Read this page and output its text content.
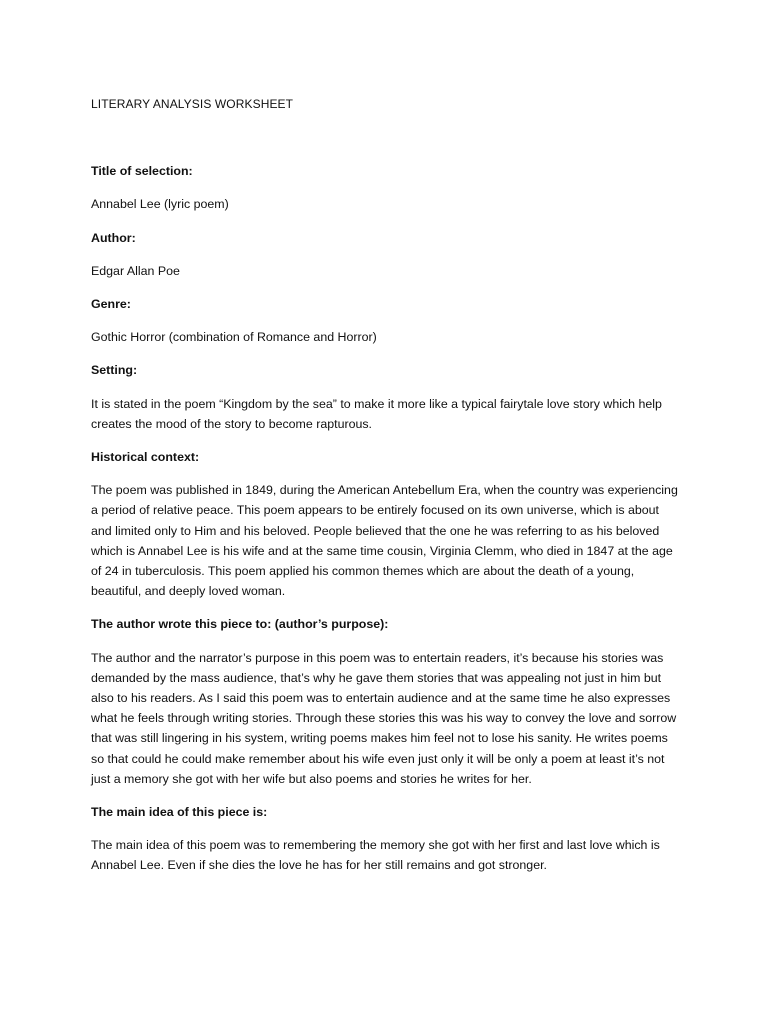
LITERARY ANALYSIS WORKSHEET

Title of selection:

Annabel Lee (lyric poem)

Author:

Edgar Allan Poe

Genre:

Gothic Horror (combination of Romance and Horror)

Setting:

It is stated in the poem “Kingdom by the sea” to make it more like a typical fairytale love story which help creates the mood of the story to become rapturous.

Historical context:

The poem was published in 1849, during the American Antebellum Era, when the country was experiencing a period of relative peace. This poem appears to be entirely focused on its own universe, which is about and limited only to Him and his beloved. People believed that the one he was referring to as his beloved which is Annabel Lee is his wife and at the same time cousin, Virginia Clemm, who died in 1847 at the age of 24 in tuberculosis. This poem applied his common themes which are about the death of a young, beautiful, and deeply loved woman.

The author wrote this piece to: (author’s purpose):

The author and the narrator’s purpose in this poem was to entertain readers, it’s because his stories was demanded by the mass audience, that’s why he gave them stories that was appealing not just in him but also to his readers. As I said this poem was to entertain audience and at the same time he also expresses what he feels through writing stories. Through these stories this was his way to convey the love and sorrow that was still lingering in his system, writing poems makes him feel not to lose his sanity. He writes poems so that could he could make remember about his wife even just only it will be only a poem at least it’s not just a memory she got with her wife but also poems and stories he writes for her.

The main idea of this piece is:

The main idea of this poem was to remembering the memory she got with her first and last love which is Annabel Lee. Even if she dies the love he has for her still remains and got stronger.
